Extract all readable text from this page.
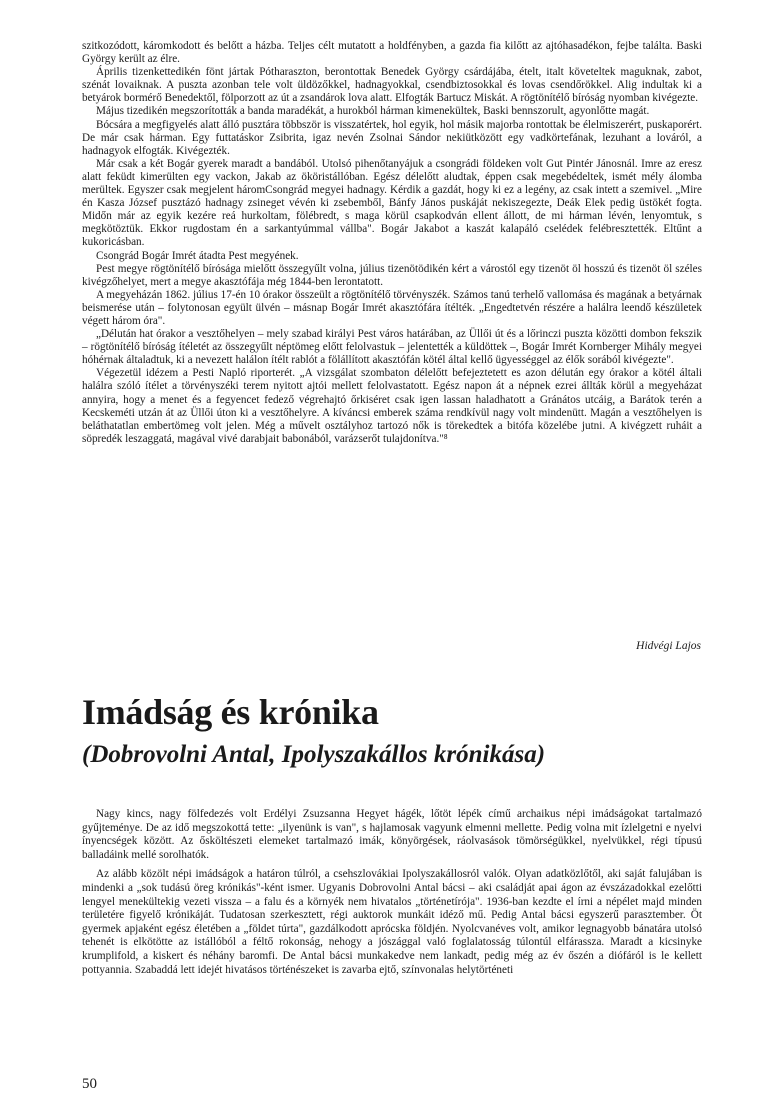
szitkozódott, káromkodott és belőtt a házba. Teljes célt mutatott a holdfényben, a gazda fia kilőtt az ajtóhasadékon, fejbe találta. Baski György került az élre.

Április tizenkettedikén fönt jártak Pótharaszton, berontottak Benedek György csárdájába, ételt, italt követeltek maguknak, zabot, szénát lovaiknak. A puszta azonban tele volt üldözőkkel, hadnagyokkal, csendbiztosokkal és lovas csendőrökkel. Alig indultak ki a betyárok bormérő Benedektől, fölporzott az út a zsandárok lova alatt. Elfogták Bartucz Miskát. A rögtönítélő bíróság nyomban kivégezte.

Május tizedikén megszorították a banda maradékát, a hurokból hárman kimenekültek, Baski bennszorult, agyonlőtte magát.

Bócsára a megfigyelés alatt álló pusztára többször is visszatértek, hol egyik, hol másik majorba rontottak be élelmiszerért, puskaporért. De már csak hárman. Egy futtatáskor Zsibrita, igaz nevén Zsolnai Sándor nekiütközött egy vadkörtefának, lezuhant a lováról, a hadnagyok elfogták. Kivégezték.

Már csak a két Bogár gyerek maradt a bandából. Utolsó pihenőtanyájuk a csongrádi földeken volt Gut Pintér Jánosnál. Imre az eresz alatt feküdt kimerülten egy vackon, Jakab az ököristállóban. Egész délelőtt aludtak, éppen csak megebédeltek, ismét mély álomba merültek. Egyszer csak megjelent háromCsongrád megyei hadnagy. Kérdik a gazdát, hogy ki ez a legény, az csak intett a szemivel. „Mire én Kasza József pusztázó hadnagy zsineget vévén ki zsebemből, Bánfy János puskáját nekiszegezte, Deák Elek pedig üstökét fogta. Midőn már az egyik kezére reá hurkoltam, fölébredt, s maga körül csapkodván ellent állott, de mi hárman lévén, lenyomtuk, s megkötöztük. Ekkor rugdostam én a sarkantyúmmal vállba". Bogár Jakabot a kaszát kalapáló cselédek felébresztették. Eltűnt a kukoricásban.

Csongrád Bogár Imrét átadta Pest megyének.

Pest megye rögtönítélő bírósága mielőtt összegyűlt volna, július tizenötödikén kért a várostól egy tizenöt öl hosszú és tizenöt öl széles kivégzőhelyet, mert a megye akasztófája még 1844-ben lerontatott.

A megyeházán 1862. július 17-én 10 órakor összeült a rögtönítélő törvényszék. Számos tanú terhelő vallomása és magának a betyárnak beismerése után – folytonosan egyült ülvén – másnap Bogár Imrét akasztófára ítélték. „Engedtetvén részére a halálra leendő készületek végett három óra".

„Délután hat órakor a vesztőhelyen – mely szabad királyi Pest város határában, az Üllői út és a lőrinczi puszta közötti dombon fekszik – rögtönítélő bíróság ítéletét az összegyűlt néptömeg előtt felolvastuk – jelentették a küldöttek –, Bogár Imrét Kornberger Mihály megyei hóhérnak általadtuk, ki a nevezett halálon ítélt rablót a fölállított akasztófán kötél által kellő ügyességgel az élők sorából kivégezte".

Végezetül idézem a Pesti Napló riporterét. „A vizsgálat szombaton délelőtt befejeztetett es azon délután egy órakor a kötél általi halálra szóló ítélet a törvényszéki terem nyitott ajtói mellett felolvastatott. Egész napon át a népnek ezrei állták körül a megyeházat annyira, hogy a menet és a fegyencet fedező végrehajtó őrkiséret csak igen lassan haladhatott a Gránátos utcáig, a Barátok terén a Kecskeméti utzán át az Üllői úton ki a vesztőhelyre. A kíváncsi emberek száma rendkívül nagy volt mindenütt. Magán a vesztőhelyen is beláthatatlan embertömeg volt jelen. Még a művelt osztályhoz tartozó nők is törekedtek a bitófa közelébe jutni. A kivégzett ruháit a söpredék leszaggatá, magával vivé darabjait babonából, varázserőt tulajdonítva."⁸

Hidvégi Lajos
Imádság és krónika
(Dobrovolni Antal, Ipolyszakállos krónikása)

Nagy kincs, nagy fölfedezés volt Erdélyi Zsuzsanna Hegyet hágék, lőtöt lépék című archaikus népi imádságokat tartalmazó gyűjteménye. De az idő megszokottá tette: „ilyenünk is van", s hajlamosak vagyunk elmenni mellette. Pedig volna mit ízlelgetni e nyelvi ínyencségek között. Az ősköltészeti elemeket tartalmazó imák, könyörgések, ráolvasások tömörségükkel, nyelvükkel, régi típusú balladáink mellé sorolhatók.

Az alább közölt népi imádságok a határon túlról, a csehszlovákiai Ipolyszakállosról valók. Olyan adatközlőtől, aki saját falujában is mindenki a „sok tudású öreg krónikás"-ként ismer. Ugyanis Dobrovolni Antal bácsi – aki családját apai ágon az évszázadokkal ezelőtti lengyel menekültekig vezeti vissza – a falu és a környék nem hivatalos „történetírója". 1936-ban kezdte el írni a népélet majd minden területére figyelő krónikáját. Tudatosan szerkesztett, régi auktorok munkáit idéző mű. Pedig Antal bácsi egyszerű parasztember. Öt gyermek apjaként egész életében a „földet túrta", gazdálkodott aprócska földjén. Nyolcvanéves volt, amikor legnagyobb bánatára utolsó tehenét is elkötötte az istállóból a féltő rokonság, nehogy a jószággal való foglalatosság túlontúl elfárassza. Maradt a kicsinyke krumplifold, a kiskert és néhány baromfi. De Antal bácsi munkakedve nem lankadt, pedig még az év őszén a diófáról is le kellett pottyannia. Szabaddá lett idejét hivatásos történészeket is zavarba ejtő, színvonalas helytörténeti

50
